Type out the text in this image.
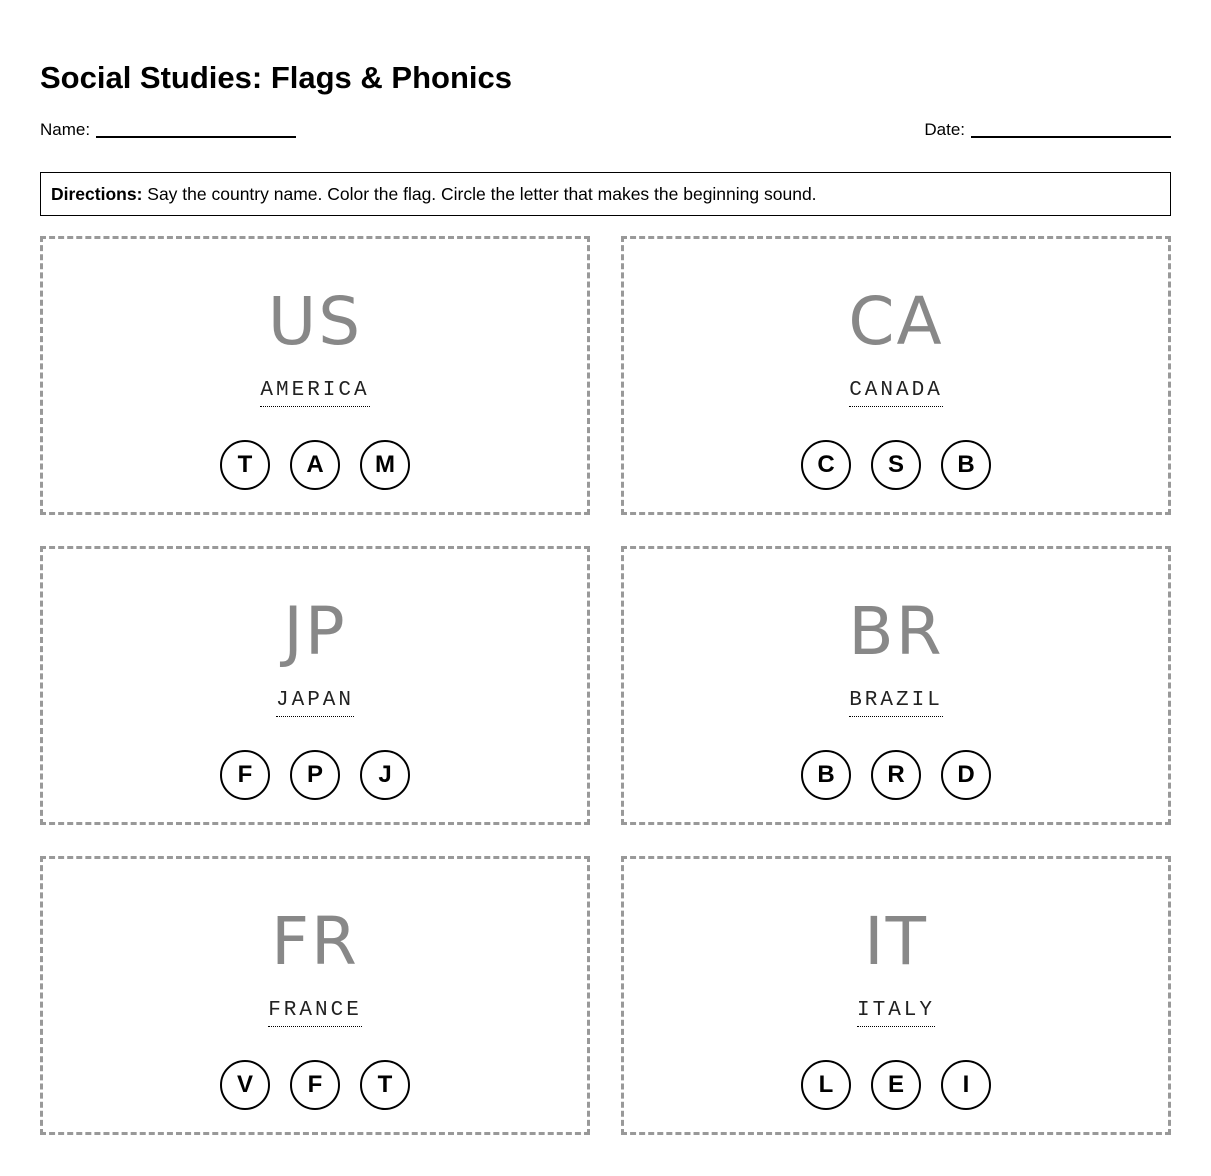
Social Studies: Flags & Phonics
Name:	Date:
Directions: Say the country name. Color the flag. Circle the letter that makes the beginning sound.
US
AMERICA
T	A	M
CA
CANADA
C	S	B
JP
JAPAN
F	P	J
BR
BRAZIL
B	R	D
FR
FRANCE
V	F	T
IT
ITALY
L	E	I
